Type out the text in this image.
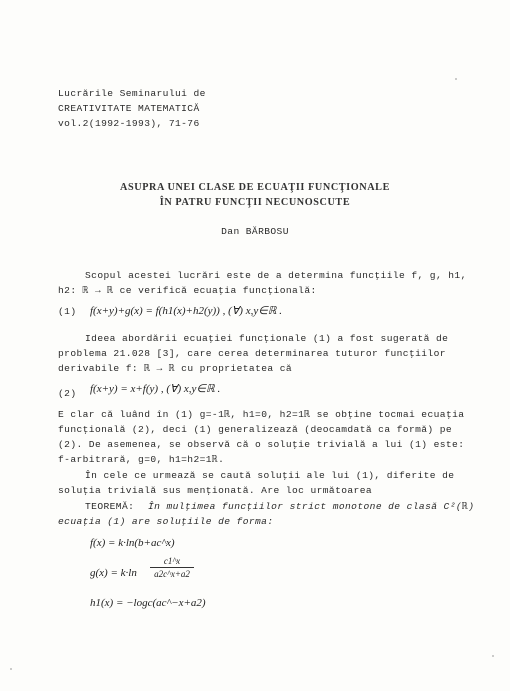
Lucrările Seminarului de
CREATIVITATE MATEMATICĂ
vol.2(1992-1993), 71-76
ASUPRA UNEI CLASE DE ECUAŢII FUNCŢIONALE
ÎN PATRU FUNCŢII NECUNOSCUTE
Dan BĂRBOSU
Scopul acestei lucrări este de a determina funcţiile f, g, h1,
h2: ℝ → ℝ ce verifică ecuaţia funcţională:
(1) f(x+y)+g(x) = f(h1(x)+h2(y)) , (∀) x,y∈ℝ .
Ideea abordării ecuaţiei funcţionale (1) a fost sugerată de
problema 21.028 [3], care cerea determinarea tuturor funcţiilor
derivabile f: ℝ → ℝ cu proprietatea că
(2) f(x+y) = x+f(y) , (∀) x,y∈ℝ .
E clar că luând în (1) g=-1ℝ, h1=0, h2=1ℝ se obţine tocmai ecuaţia
funcţională (2), deci (1) generalizează (deocamdată ca formă) pe
(2). De asemenea, se observă că o soluţie trivială a lui (1) este:
f-arbitrară, g=0, h1=h2=1ℝ.
În cele ce urmează se caută soluţii ale lui (1), diferite de
soluţia trivială sus menţionată. Are loc următoarea
TEOREMĂ: În mulţimea funcţiilor strict monotone de clasă C²(ℝ)
ecuaţia (1) are soluţiile de forma:
f(x) = k·ln(b+ac^x)
$g(x) = k\cdot\ln \frac{c1\^{}x}{a2c\^{}x+a2}$
h1(x) = −logc(ac^−x+a2)
